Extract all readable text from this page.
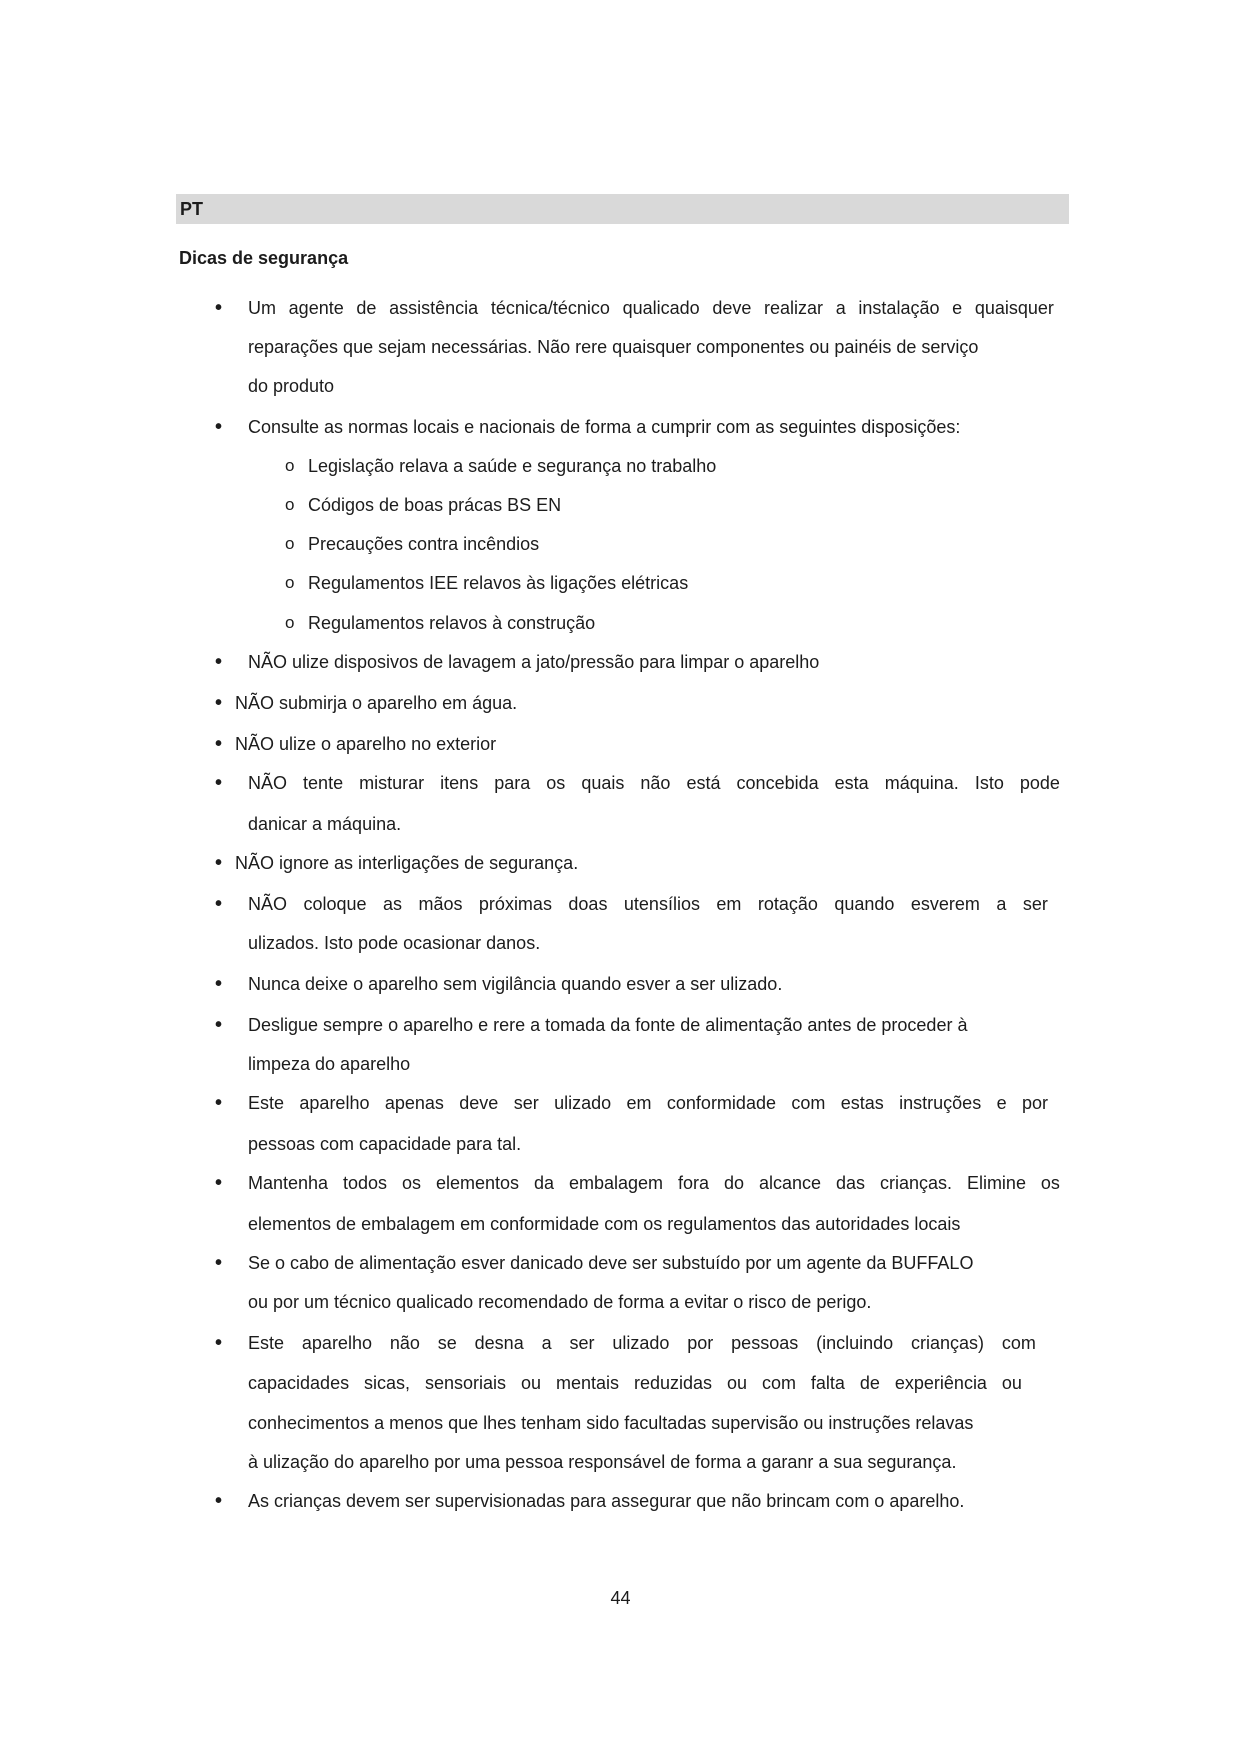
PT
Dicas de segurança
• Um agente de assistência técnica/técnico qualicado deve realizar a instalação e quaisquer
reparações que sejam necessárias. Não rere quaisquer componentes ou painéis de serviço
do produto
• Consulte as normas locais e nacionais de forma a cumprir com as seguintes disposições:
o Legislação relava a saúde e segurança no trabalho
o Códigos de boas prácas BS EN
o Precauções contra incêndios
o Regulamentos IEE relavos às ligações elétricas
o Regulamentos relavos à construção
• NÃO ulize disposivos de lavagem a jato/pressão para limpar o aparelho
• NÃO submirja o aparelho em água.
• NÃO ulize o aparelho no exterior
• NÃO tente misturar itens para os quais não está concebida esta máquina. Isto pode
danicar a máquina.
• NÃO ignore as interligações de segurança.
• NÃO coloque as mãos próximas doas utensílios em rotação quando esverem a ser
ulizados. Isto pode ocasionar danos.
• Nunca deixe o aparelho sem vigilância quando esver a ser ulizado.
• Desligue sempre o aparelho e rere a tomada da fonte de alimentação antes de proceder à
limpeza do aparelho
• Este aparelho apenas deve ser ulizado em conformidade com estas instruções e por
pessoas com capacidade para tal.
• Mantenha todos os elementos da embalagem fora do alcance das crianças. Elimine os
elementos de embalagem em conformidade com os regulamentos das autoridades locais
• Se o cabo de alimentação esver danicado deve ser substuído por um agente da BUFFALO
ou por um técnico qualicado recomendado de forma a evitar o risco de perigo.
• Este aparelho não se desna a ser ulizado por pessoas (incluindo crianças) com
capacidades sicas, sensoriais ou mentais reduzidas ou com falta de experiência ou
conhecimentos a menos que lhes tenham sido facultadas supervisão ou instruções relavas
à ulização do aparelho por uma pessoa responsável de forma a garanr a sua segurança.
• As crianças devem ser supervisionadas para assegurar que não brincam com o aparelho.
44
